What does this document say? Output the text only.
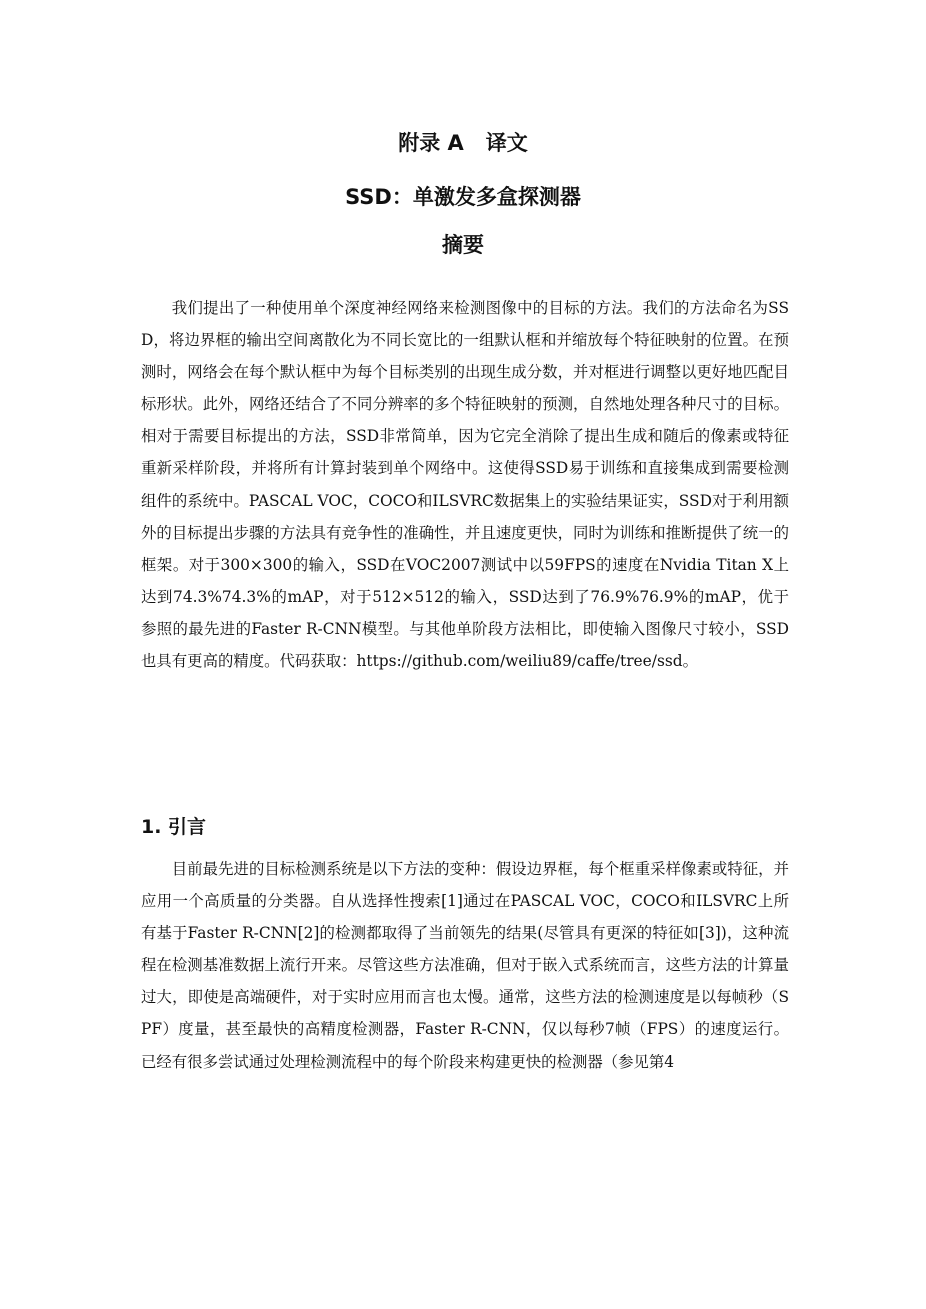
附录 A   译文
SSD：单激发多盒探测器
摘要

我们提出了一种使用单个深度神经网络来检测图像中的目标的方法。我们的方法命名为SSD，将边界框的输出空间离散化为不同长宽比的一组默认框和并缩放每个特征映射的位置。在预测时，网络会在每个默认框中为每个目标类别的出现生成分数，并对框进行调整以更好地匹配目标形状。此外，网络还结合了不同分辨率的多个特征映射的预测，自然地处理各种尺寸的目标。相对于需要目标提出的方法，SSD非常简单，因为它完全消除了提出生成和随后的像素或特征重新采样阶段，并将所有计算封装到单个网络中。这使得SSD易于训练和直接集成到需要检测组件的系统中。PASCAL VOC，COCO和ILSVRC数据集上的实验结果证实，SSD对于利用额外的目标提出步骤的方法具有竞争性的准确性，并且速度更快，同时为训练和推断提供了统一的框架。对于300×300的输入，SSD在VOC2007测试中以59FPS的速度在Nvidia Titan X上达到74.3%74.3%的mAP，对于512×512的输入，SSD达到了76.9%76.9%的mAP，优于参照的最先进的Faster R-CNN模型。与其他单阶段方法相比，即使输入图像尺寸较小，SSD也具有更高的精度。代码获取：https://github.com/weiliu89/caffe/tree/ssd。

1. 引言

目前最先进的目标检测系统是以下方法的变种：假设边界框，每个框重采样像素或特征，并应用一个高质量的分类器。自从选择性搜索[1]通过在PASCAL VOC，COCO和ILSVRC上所有基于Faster R-CNN[2]的检测都取得了当前领先的结果(尽管具有更深的特征如[3])，这种流程在检测基准数据上流行开来。尽管这些方法准确，但对于嵌入式系统而言，这些方法的计算量过大，即使是高端硬件，对于实时应用而言也太慢。通常，这些方法的检测速度是以每帧秒（SPF）度量，甚至最快的高精度检测器，Faster R-CNN，仅以每秒7帧（FPS）的速度运行。已经有很多尝试通过处理检测流程中的每个阶段来构建更快的检测器（参见第4
